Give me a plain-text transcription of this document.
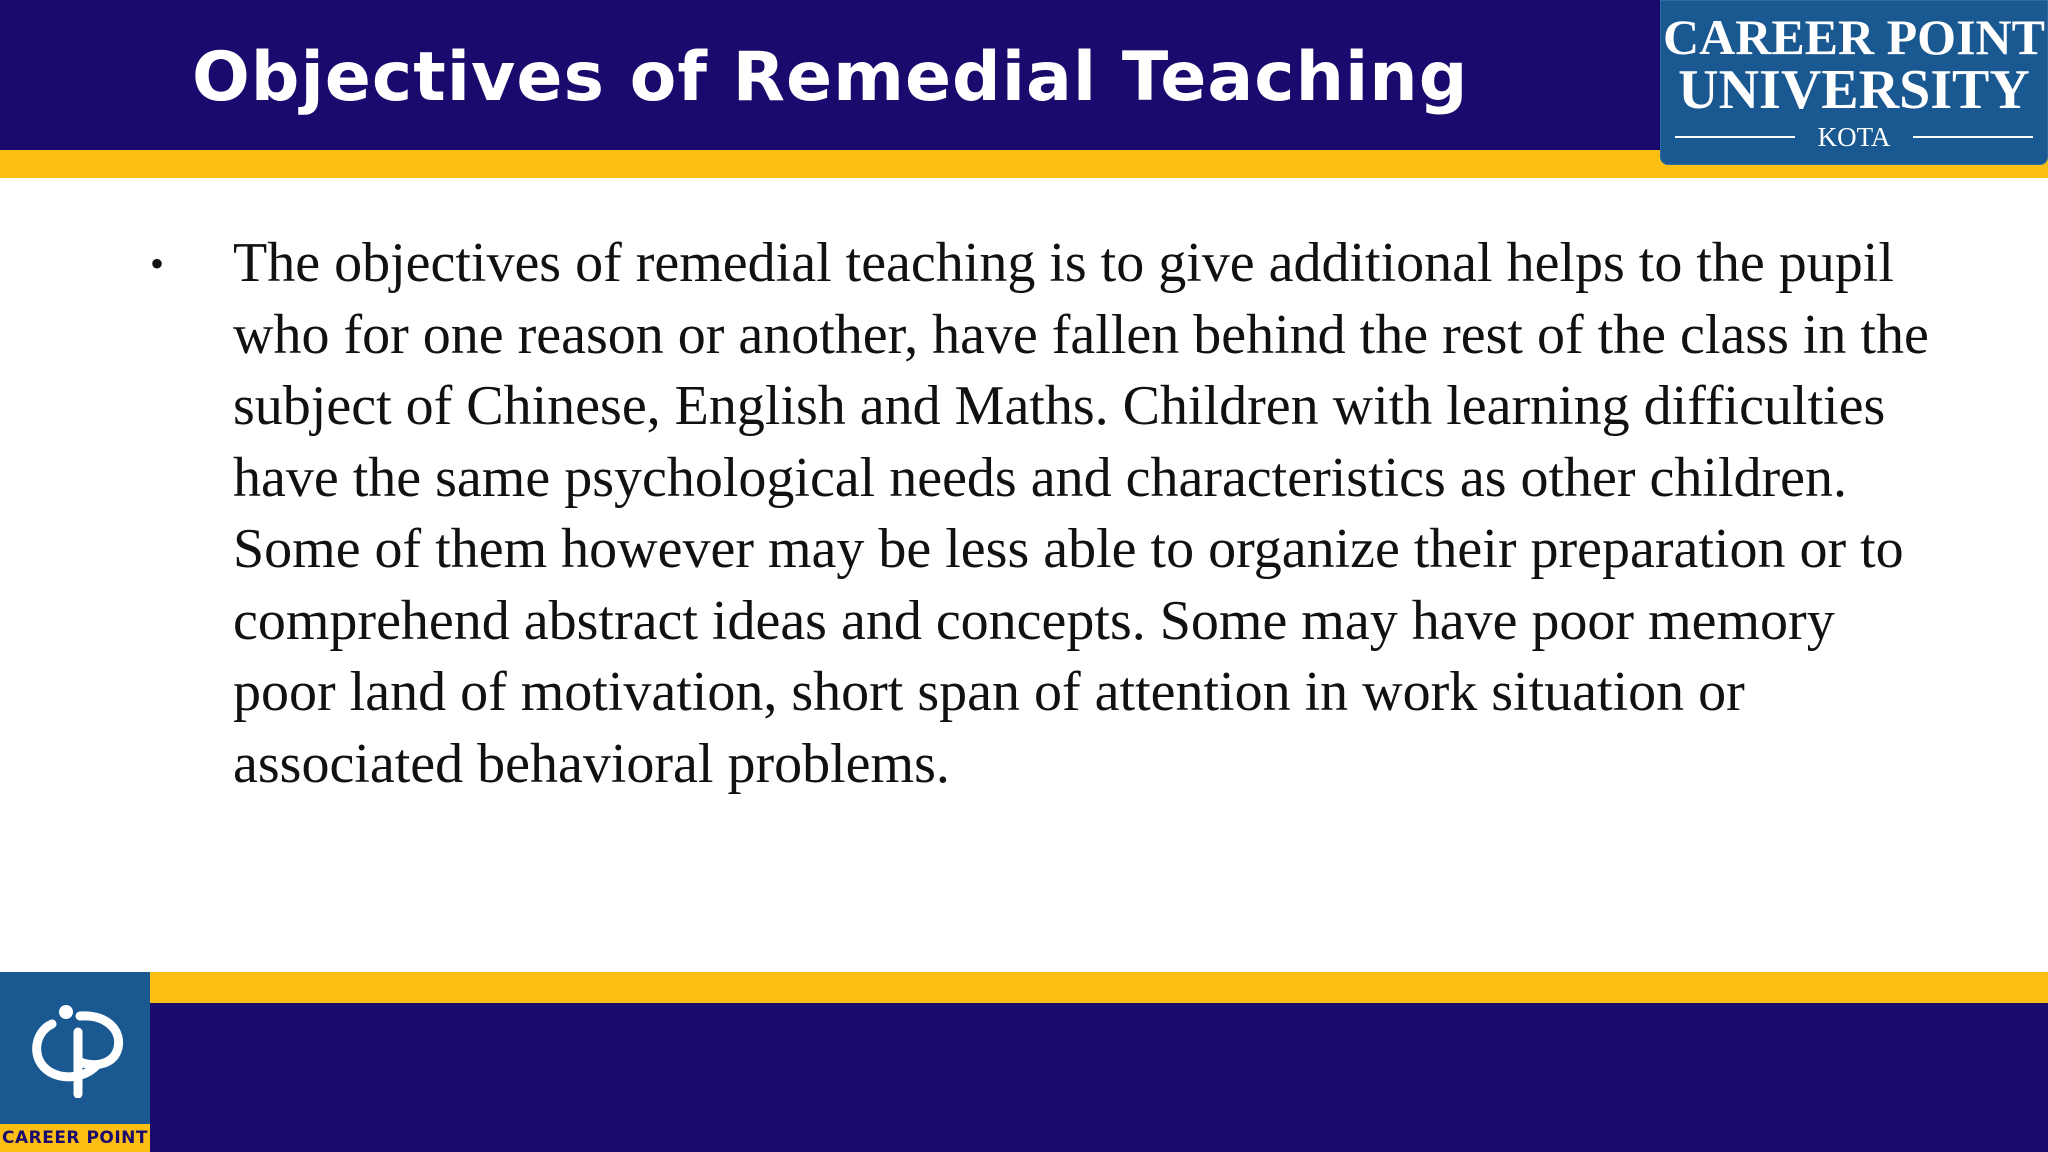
Objectives of Remedial Teaching
CAREER POINT
UNIVERSITY
KOTA
• The objectives of remedial teaching is to give additional helps to the pupil who for one reason or another, have fallen behind the rest of the class in the subject of Chinese, English and Maths. Children with learning difficulties have the same psychological needs and characteristics as other children. Some of them however may be less able to organize their preparation or to comprehend abstract ideas and concepts. Some may have poor memory poor land of motivation, short span of attention in work situation or associated behavioral problems.
CAREER POINT
